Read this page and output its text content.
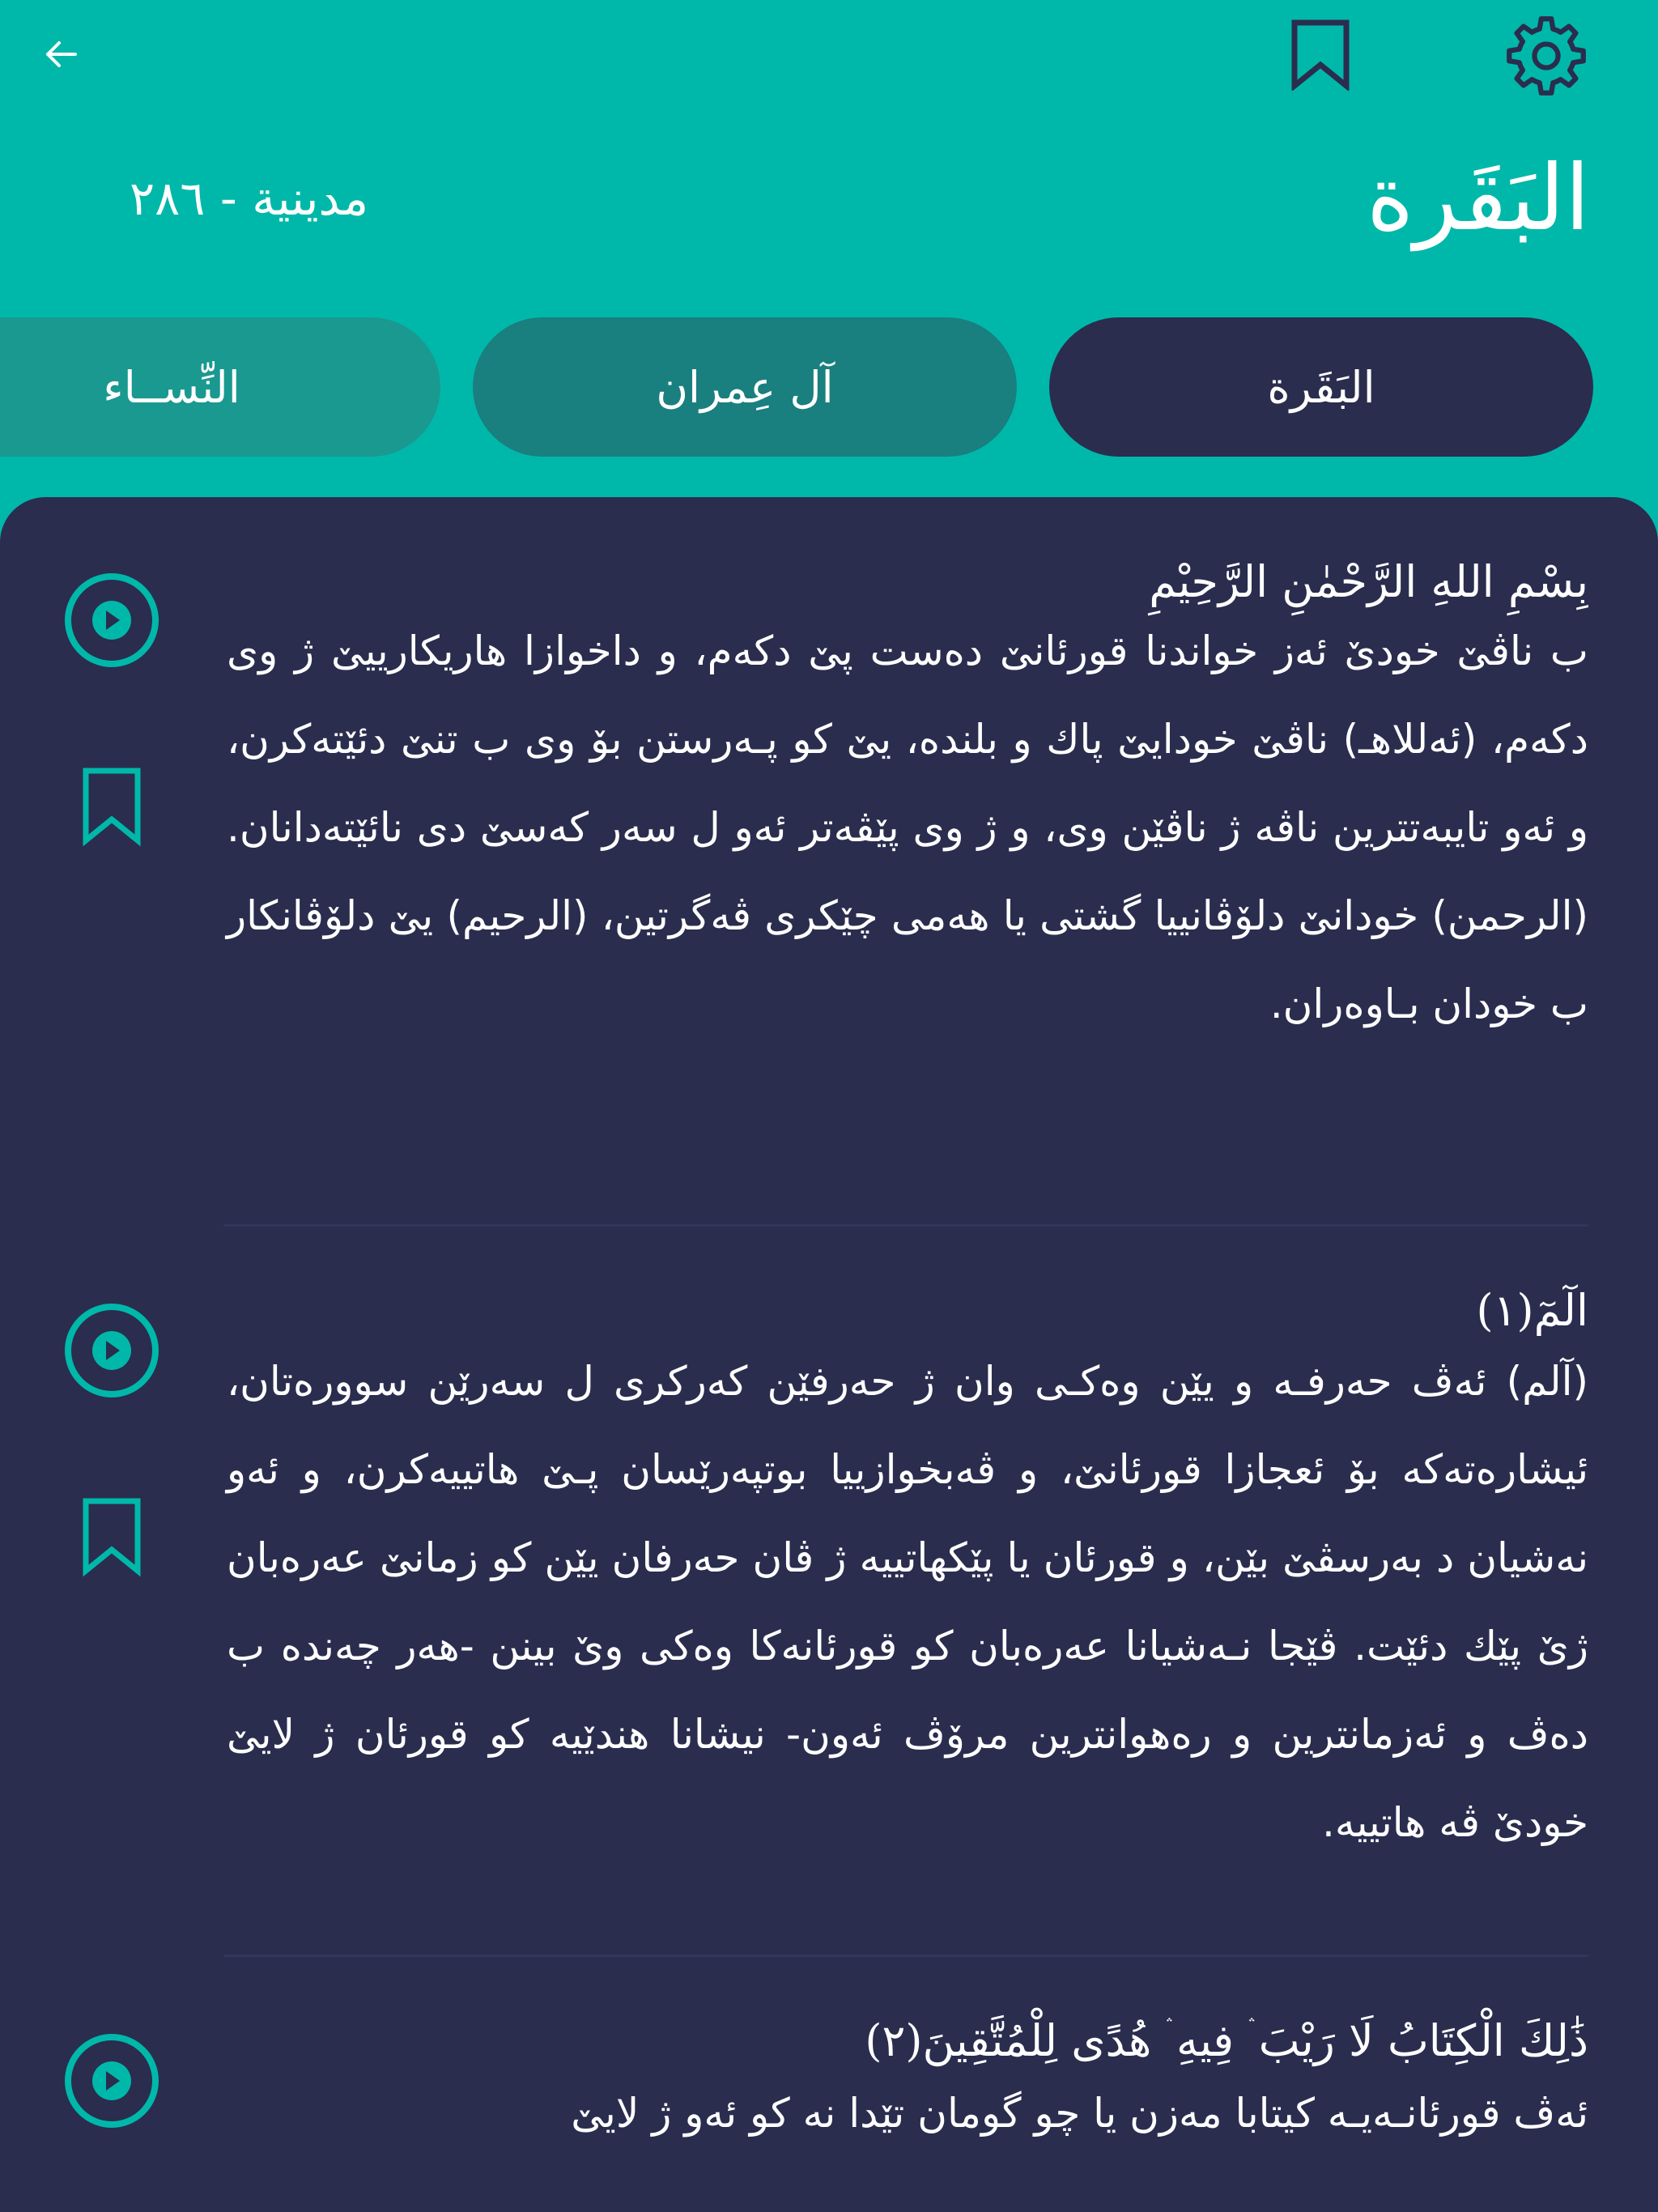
البَقَرة
مدينية - ٢٨٦
البَقَرة
آل عِمران
النِّســاء
بِسْمِ اللهِ الرَّحْمٰنِ الرَّحِيْمِ
ب ناڤێ خودێ ئەز خواندنا قورئانێ دەست پێ دکەم، و داخوازا هاریکارییێ ژ وی دکەم، (ئەللاهـ) ناڤێ خودایێ پاك و بلندە، یێ کو پـەرستن بۆ وی ب تنێ دئێتەکرن، و ئەو تایبەتترین ناڤە ژ ناڤێن وی، و ژ وی پێڤەتر ئەو ل سەر کەسێ دی نائێتەدانان. (الرحمن) خودانێ دلۆڤانییا گشتی یا هەمی چێکری ڤەگرتین، (الرحیم) یێ دلۆڤانکار ب خودان بـاوەران.
الٓمٓ(١)
(آلم) ئەڤ حەرفـە و یێن وەکـی وان ژ حەرفێن کەرکری ل سەرێن سوورەتان، ئیشارەتەکە بۆ ئعجازا قورئانێ، و ڤەبخوازییا بوتپەرێسان پـێ هاتییەکرن، و ئەو نەشیان د بەرسڤێ بێن، و قورئان یا پێکهاتییە ژ ڤان حەرفان یێن کو زمانێ عەرەبان ژێ پێك دئێت. ڤێجا نـەشیانا عەرەبان کو قورئانەکا وەکی وێ بینن -هەر چەندە ب دەڤ و ئەزمانترین و رەهوانترین مرۆڤ ئەون- نیشانا هندێیە کو قورئان ژ لایێ خودێ ڤە هاتییە.
ذَٰلِكَ الْكِتَابُ لَا رَيْبَ ۛ فِيهِ ۛ هُدًى لِلْمُتَّقِينَ(٢)
ئەڤ قورئانـەیـە کیتابا مەزن یا چو گومان تێدا نە کو ئەو ژ لایێ
